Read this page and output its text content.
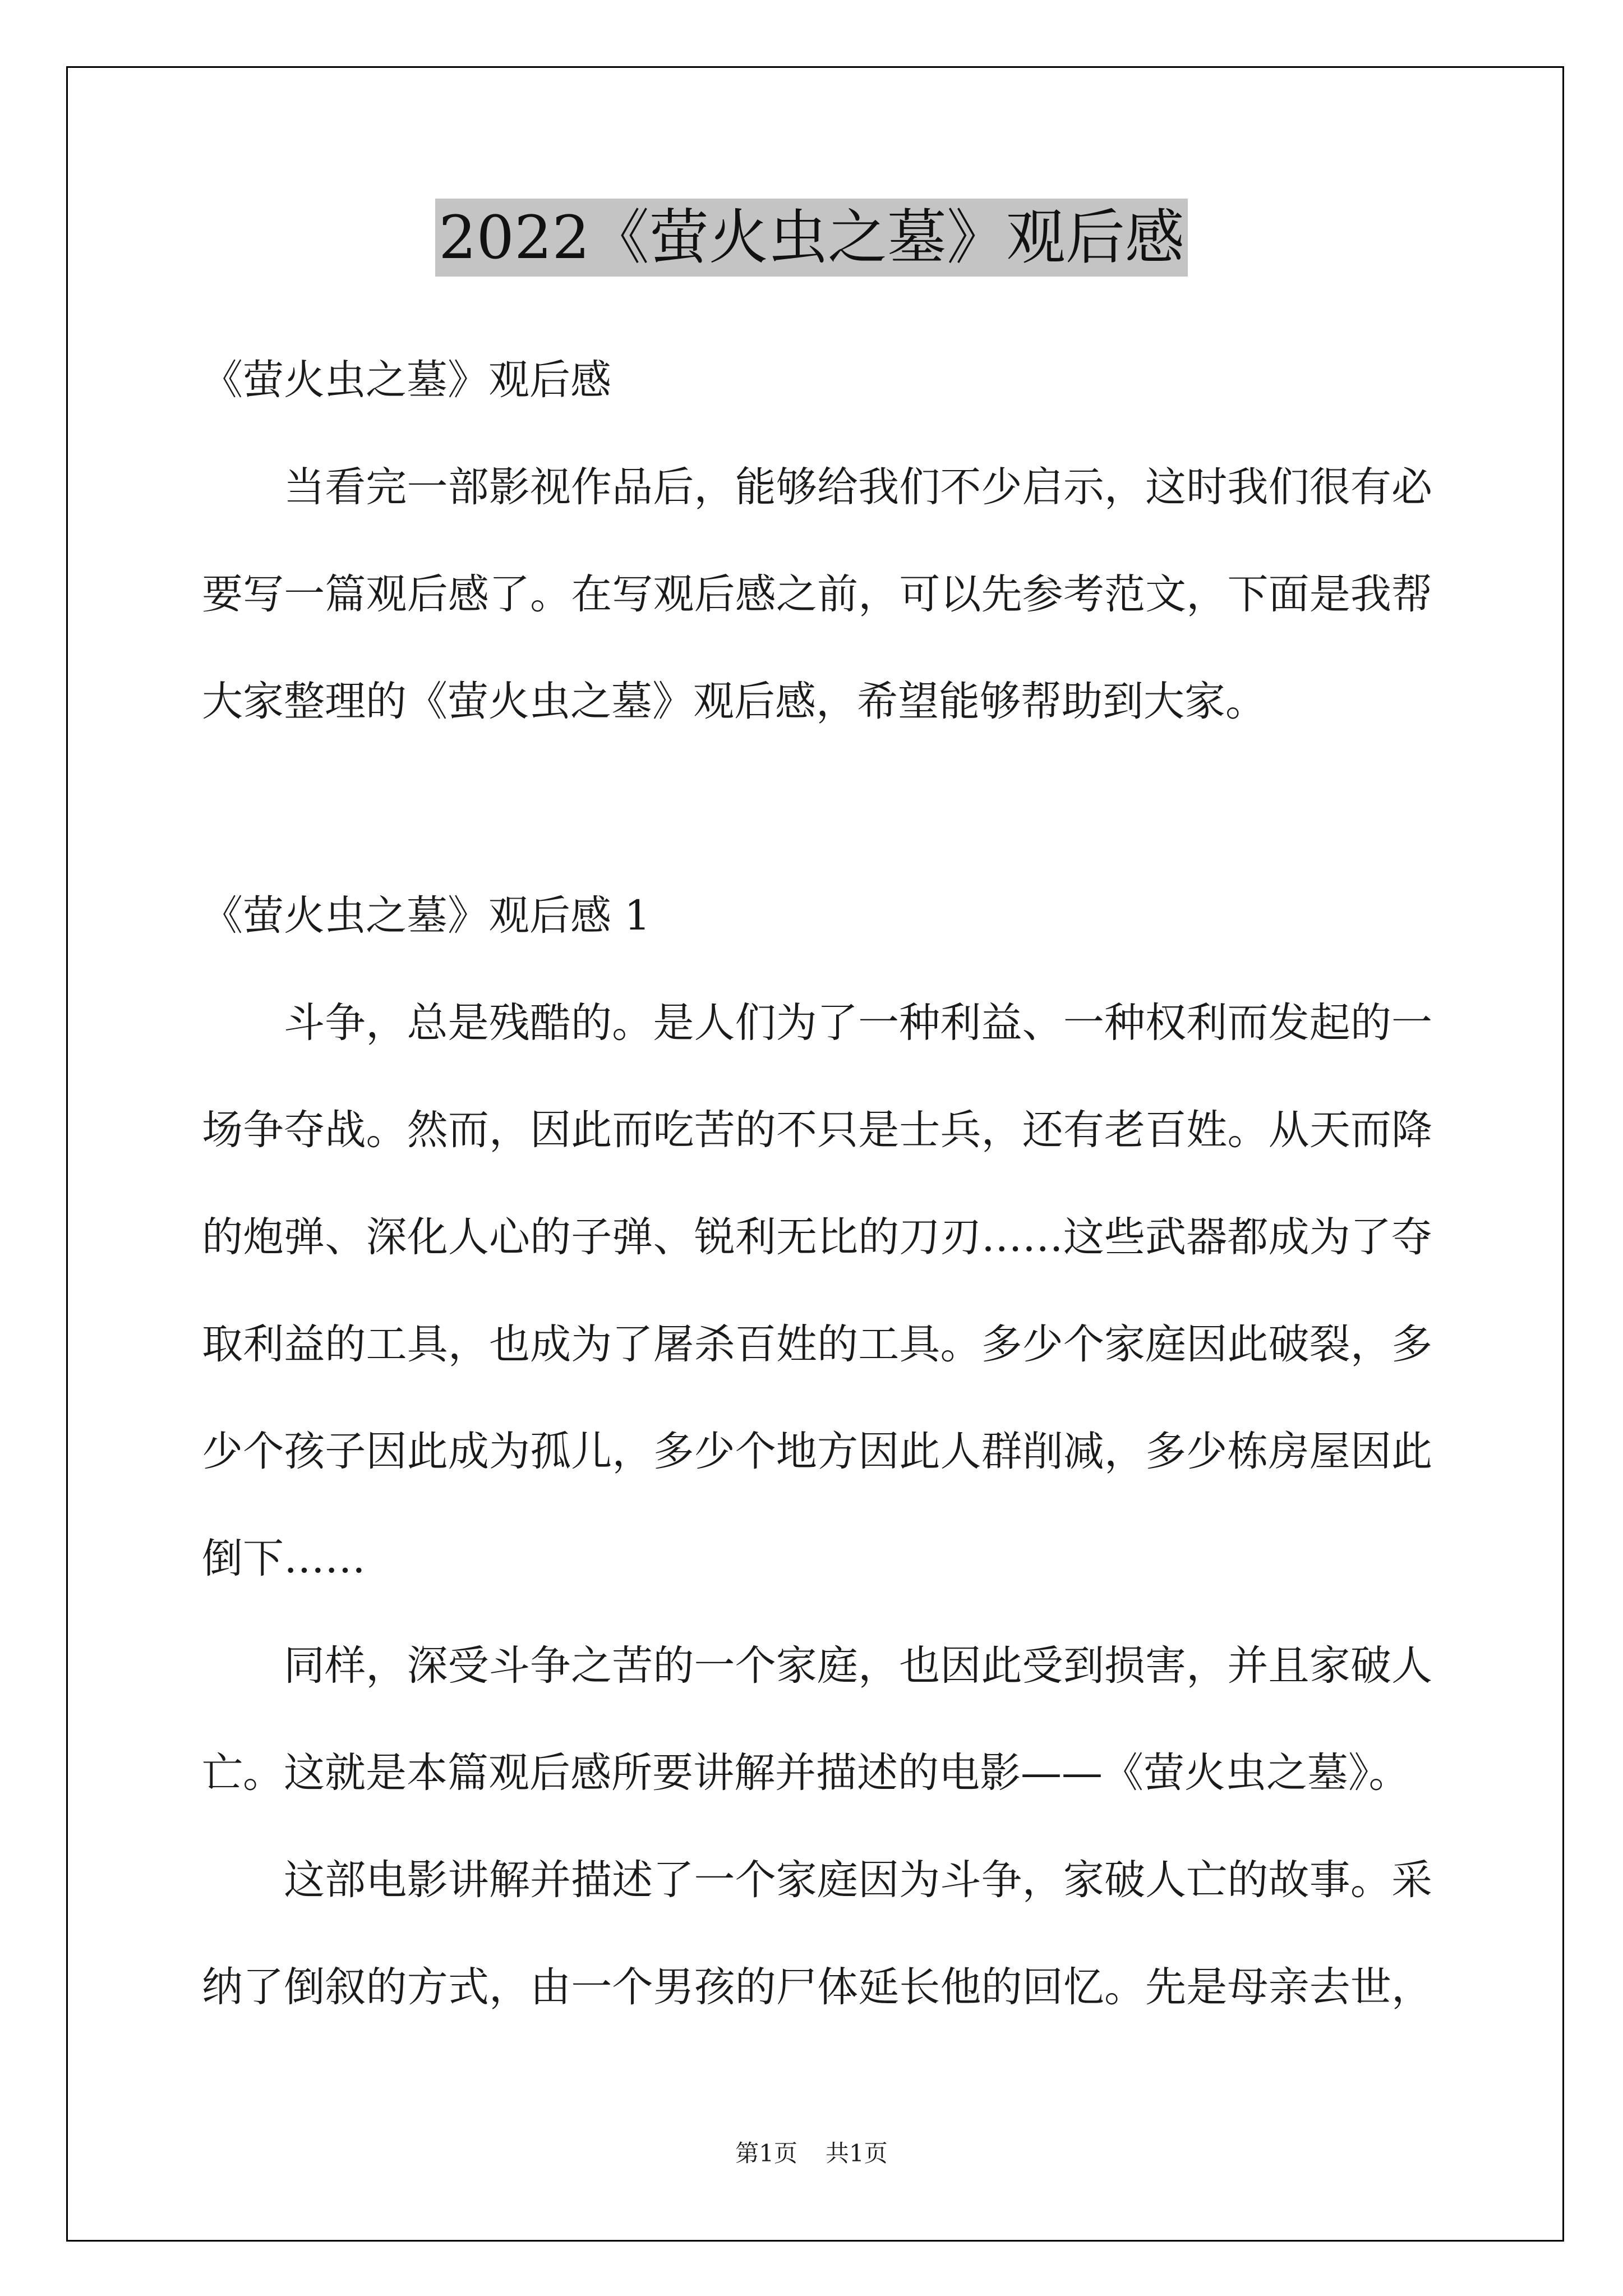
2022《萤火虫之墓》观后感
《萤火虫之墓》观后感
当看完一部影视作品后，能够给我们不少启示，这时我们很有必
要写一篇观后感了。在写观后感之前，可以先参考范文，下面是我帮
大家整理的《萤火虫之墓》观后感，希望能够帮助到大家。
《萤火虫之墓》观后感 1
斗争，总是残酷的。是人们为了一种利益、一种权利而发起的一
场争夺战。然而，因此而吃苦的不只是士兵，还有老百姓。从天而降
的炮弹、深化人心的子弹、锐利无比的刀刃……这些武器都成为了夺
取利益的工具，也成为了屠杀百姓的工具。多少个家庭因此破裂，多
少个孩子因此成为孤儿，多少个地方因此人群削减，多少栋房屋因此
倒下……
同样，深受斗争之苦的一个家庭，也因此受到损害，并且家破人
亡。这就是本篇观后感所要讲解并描述的电影——《萤火虫之墓》。
这部电影讲解并描述了一个家庭因为斗争，家破人亡的故事。采
纳了倒叙的方式，由一个男孩的尸体延长他的回忆。先是母亲去世，
第1页 共1页
